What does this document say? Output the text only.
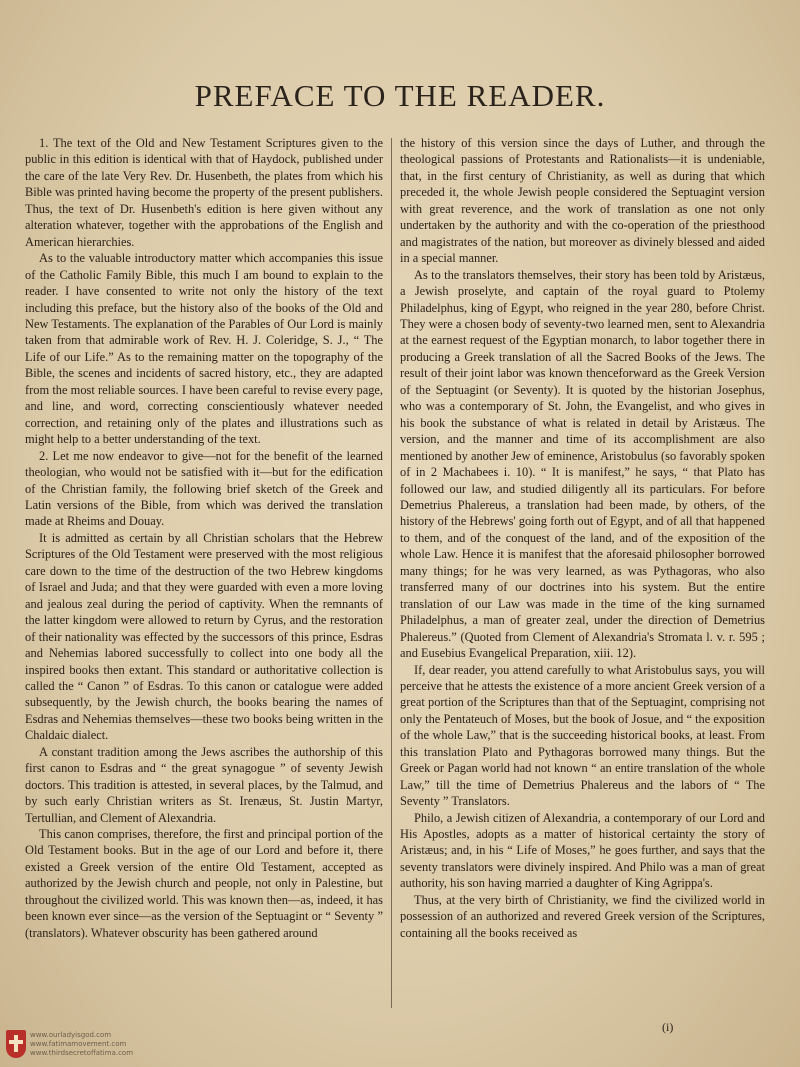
PREFACE TO THE READER.

1. The text of the Old and New Testament Scriptures given to the public in this edition is identical with that of Haydock, published under the care of the late Very Rev. Dr. Husenbeth, the plates from which his Bible was printed having become the property of the present publishers. Thus, the text of Dr. Husenbeth's edition is here given without any alteration whatever, together with the approbations of the English and American hierarchies.

As to the valuable introductory matter which accompanies this issue of the Catholic Family Bible, this much I am bound to explain to the reader. I have consented to write not only the history of the text including this preface, but the history also of the books of the Old and New Testaments. The explanation of the Parables of Our Lord is mainly taken from that admirable work of Rev. H. J. Coleridge, S. J., “ The Life of our Life.” As to the remaining matter on the topography of the Bible, the scenes and incidents of sacred history, etc., they are adapted from the most reliable sources. I have been careful to revise every page, and line, and word, correcting conscientiously whatever needed correction, and retaining only of the plates and illustrations such as might help to a better understanding of the text.

2. Let me now endeavor to give—not for the benefit of the learned theologian, who would not be satisfied with it—but for the edification of the Christian family, the following brief sketch of the Greek and Latin versions of the Bible, from which was derived the translation made at Rheims and Douay.

It is admitted as certain by all Christian scholars that the Hebrew Scriptures of the Old Testament were preserved with the most religious care down to the time of the destruction of the two Hebrew kingdoms of Israel and Juda; and that they were guarded with even a more loving and jealous zeal during the period of captivity. When the remnants of the latter kingdom were allowed to return by Cyrus, and the restoration of their nationality was effected by the successors of this prince, Esdras and Nehemias labored successfully to collect into one body all the inspired books then extant. This standard or authoritative collection is called the “ Canon ” of Esdras. To this canon or catalogue were added subsequently, by the Jewish church, the books bearing the names of Esdras and Nehemias themselves—these two books being written in the Chaldaic dialect.

A constant tradition among the Jews ascribes the authorship of this first canon to Esdras and “ the great synagogue ” of seventy Jewish doctors. This tradition is attested, in several places, by the Talmud, and by such early Christian writers as St. Irenæus, St. Justin Martyr, Tertullian, and Clement of Alexandria.

This canon comprises, therefore, the first and principal portion of the Old Testament books. But in the age of our Lord and before it, there existed a Greek version of the entire Old Testament, accepted as authorized by the Jewish church and people, not only in Palestine, but throughout the civilized world. This was known then—as, indeed, it has been known ever since—as the version of the Septuagint or “ Seventy ” (translators). Whatever obscurity has been gathered around

the history of this version since the days of Luther, and through the theological passions of Protestants and Rationalists—it is undeniable, that, in the first century of Christianity, as well as during that which preceded it, the whole Jewish people considered the Septuagint version with great reverence, and the work of translation as one not only undertaken by the authority and with the co-operation of the priesthood and magistrates of the nation, but moreover as divinely blessed and aided in a special manner.

As to the translators themselves, their story has been told by Aristæus, a Jewish proselyte, and captain of the royal guard to Ptolemy Philadelphus, king of Egypt, who reigned in the year 280, before Christ. They were a chosen body of seventy-two learned men, sent to Alexandria at the earnest request of the Egyptian monarch, to labor together there in producing a Greek translation of all the Sacred Books of the Jews. The result of their joint labor was known thenceforward as the Greek Version of the Septuagint (or Seventy). It is quoted by the historian Josephus, who was a contemporary of St. John, the Evangelist, and who gives in his book the substance of what is related in detail by Aristæus. The version, and the manner and time of its accomplishment are also mentioned by another Jew of eminence, Aristobulus (so favorably spoken of in 2 Machabees i. 10). “ It is manifest,” he says, “ that Plato has followed our law, and studied diligently all its particulars. For before Demetrius Phalereus, a translation had been made, by others, of the history of the Hebrews' going forth out of Egypt, and of all that happened to them, and of the conquest of the land, and of the exposition of the whole Law. Hence it is manifest that the aforesaid philosopher borrowed many things; for he was very learned, as was Pythagoras, who also transferred many of our doctrines into his system. But the entire translation of our Law was made in the time of the king surnamed Philadelphus, a man of greater zeal, under the direction of Demetrius Phalereus.” (Quoted from Clement of Alexandria's Stromata l. v. r. 595 ; and Eusebius Evangelical Preparation, xiii. 12).

If, dear reader, you attend carefully to what Aristobulus says, you will perceive that he attests the existence of a more ancient Greek version of a great portion of the Scriptures than that of the Septuagint, comprising not only the Pentateuch of Moses, but the book of Josue, and “ the exposition of the whole Law,” that is the succeeding historical books, at least. From this translation Plato and Pythagoras borrowed many things. But the Greek or Pagan world had not known “ an entire translation of the whole Law,” till the time of Demetrius Phalereus and the labors of “ The Seventy ” Translators.

Philo, a Jewish citizen of Alexandria, a contemporary of our Lord and His Apostles, adopts as a matter of historical certainty the story of Aristæus; and, in his “ Life of Moses,” he goes further, and says that the seventy translators were divinely inspired. And Philo was a man of great authority, his son having married a daughter of King Agrippa's.

Thus, at the very birth of Christianity, we find the civilized world in possession of an authorized and revered Greek version of the Scriptures, containing all the books received as

(i)
www.ourladyisgod.com
www.fatimamovement.com
www.thirdsecretoffatima.com
